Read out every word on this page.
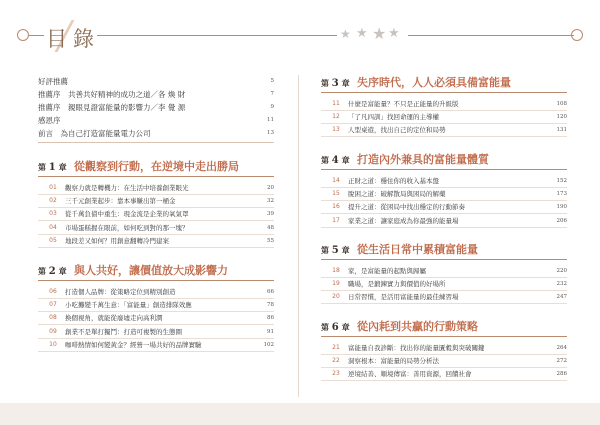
目 錄	★ ★ ★ ★
好評推薦	5
推薦序　共善共好精神的成功之道／各 煥 財	7
推薦序　親眼見證富能量的影響力／李 覺 源	9
感恩序	11
前言　為自己打造富能量電力公司	13
第 1 章 從觀察到行動，在逆境中走出勝局
01	觀察力就是轉機力：在生活中培養創業眼光	20
02	三千元創業起步：靠本事賺出第一桶金	32
03	從千萬負債中重生：現金流是企業的氧氣罩	39
04	市場蛋糕握在眼前，如何吃到對的那一塊？	48
05	地段差又如何？用創意翻轉冷門建案	55
第 2 章 與人共好，讓價值放大成影響力
06	打造個人品牌：從策略定位到精別創造	66
07	小吃攤變千萬生意：「富能量」創造排隊效應	78
08	換個視角，就能從廢墟走向高利潤	86
09	創業不是單打獨鬥：打造可複製的生態圈	91
10	咖啡熱情如何變黃金？經營一場共好的品牌實驗	102
第 3 章 失序時代，人人必須具備富能量
11	什麼是富能量？不只是正能量的升級版	108
12	「了凡四訓」找回命運的主導權	120
13	人型桌遊，找出自己的定位和局勢	131
第 4 章 打造內外兼具的富能量體質
14	正財之道：穩住你的收入基本盤	152
15	脫困之道：破解散局與困局的解藥	173
16	提升之道：從困局中找出穩定的行動節奏	190
17	家業之道：讓家庭成為你最強的能量場	206
第 5 章 從生活日常中累積富能量
18	家，是富能量的起點與歸屬	220
19	職場，是鍛鍊實力與價值的好場所	232
20	日常習慣，是活用富能量的最佳練習場	247
第 6 章 從內耗到共贏的行動策略
21	富能量自我診斷：找出你的能量匱穀與突破關鍵	264
22	洞察根本：富能量的局勢分析法	272
23	逆境結善、順境傳富：善用資源，回饋社會	286
